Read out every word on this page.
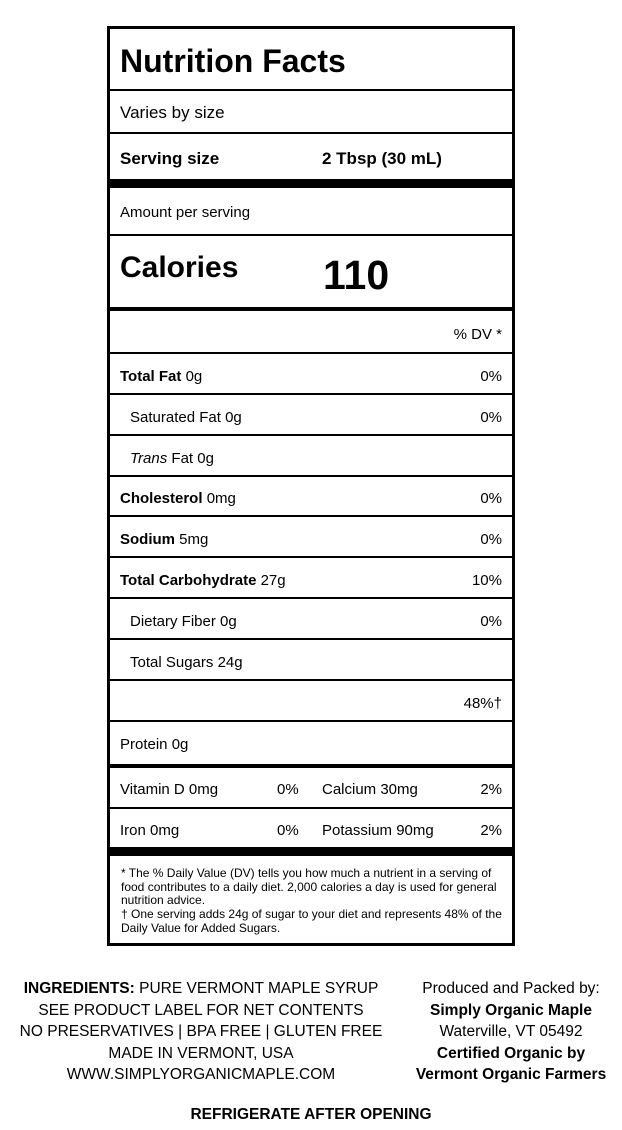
Nutrition Facts
Varies by size
Serving size	2 Tbsp (30 mL)
Amount per serving
Calories 110
% DV *
Total Fat 0g	0%
Saturated Fat 0g	0%
Trans Fat 0g
Cholesterol 0mg	0%
Sodium 5mg	0%
Total Carbohydrate 27g	10%
Dietary Fiber 0g	0%
Total Sugars 24g
48%†
Protein 0g
Vitamin D 0mg	0% Calcium 30mg	2%
Iron 0mg	0% Potassium 90mg	2%
* The % Daily Value (DV) tells you how much a nutrient in a serving of food contributes to a daily diet. 2,000 calories a day is used for general nutrition advice.
† One serving adds 24g of sugar to your diet and represents 48% of the Daily Value for Added Sugars.
INGREDIENTS: PURE VERMONT MAPLE SYRUP
SEE PRODUCT LABEL FOR NET CONTENTS
NO PRESERVATIVES | BPA FREE | GLUTEN FREE
MADE IN VERMONT, USA
WWW.SIMPLYORGANICMAPLE.COM
Produced and Packed by:
Simply Organic Maple
Waterville, VT 05492
Certified Organic by
Vermont Organic Farmers
REFRIGERATE AFTER OPENING
